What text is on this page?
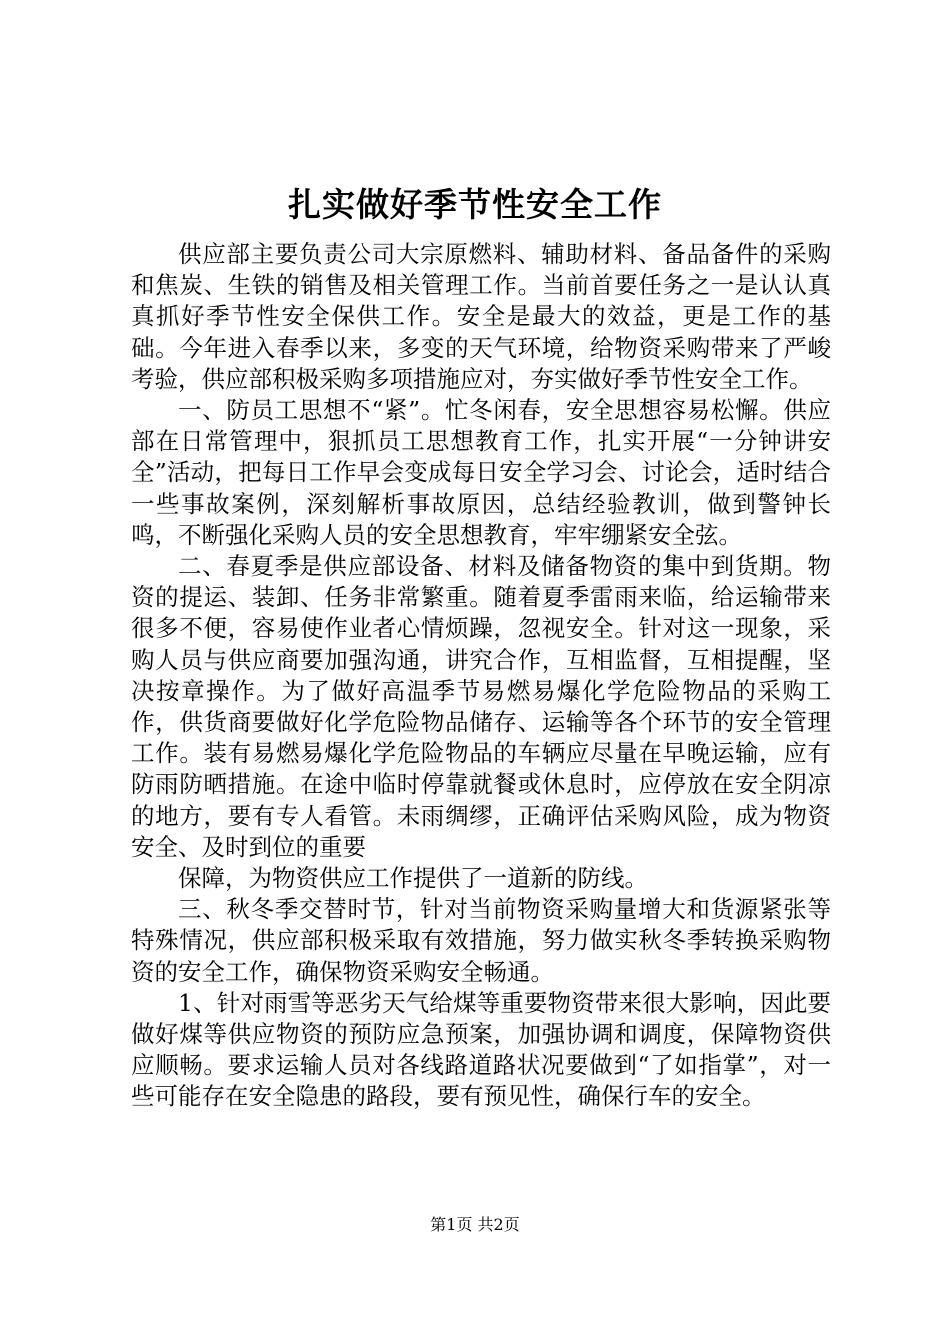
扎实做好季节性安全工作

供应部主要负责公司大宗原燃料、辅助材料、备品备件的采购和焦炭、生铁的销售及相关管理工作。当前首要任务之一是认认真真抓好季节性安全保供工作。安全是最大的效益，更是工作的基础。今年进入春季以来，多变的天气环境，给物资采购带来了严峻考验，供应部积极采购多项措施应对，夯实做好季节性安全工作。

一、防员工思想不“紧”。忙冬闲春，安全思想容易松懈。供应部在日常管理中，狠抓员工思想教育工作，扎实开展“一分钟讲安全”活动，把每日工作早会变成每日安全学习会、讨论会，适时结合一些事故案例，深刻解析事故原因，总结经验教训，做到警钟长鸣，不断强化采购人员的安全思想教育，牢牢绷紧安全弦。

二、春夏季是供应部设备、材料及储备物资的集中到货期。物资的提运、装卸、任务非常繁重。随着夏季雷雨来临，给运输带来很多不便，容易使作业者心情烦躁，忽视安全。针对这一现象，采购人员与供应商要加强沟通，讲究合作，互相监督，互相提醒，坚决按章操作。为了做好高温季节易燃易爆化学危险物品的采购工作，供货商要做好化学危险物品储存、运输等各个环节的安全管理工作。装有易燃易爆化学危险物品的车辆应尽量在早晚运输，应有防雨防晒措施。在途中临时停靠就餐或休息时，应停放在安全阴凉的地方，要有专人看管。未雨绸缪，正确评估采购风险，成为物资安全、及时到位的重要

保障，为物资供应工作提供了一道新的防线。

三、秋冬季交替时节，针对当前物资采购量增大和货源紧张等特殊情况，供应部积极采取有效措施，努力做实秋冬季转换采购物资的安全工作，确保物资采购安全畅通。

1、针对雨雪等恶劣天气给煤等重要物资带来很大影响，因此要做好煤等供应物资的预防应急预案，加强协调和调度，保障物资供应顺畅。要求运输人员对各线路道路状况要做到“了如指掌”，对一些可能存在安全隐患的路段，要有预见性，确保行车的安全。

第1页 共2页
